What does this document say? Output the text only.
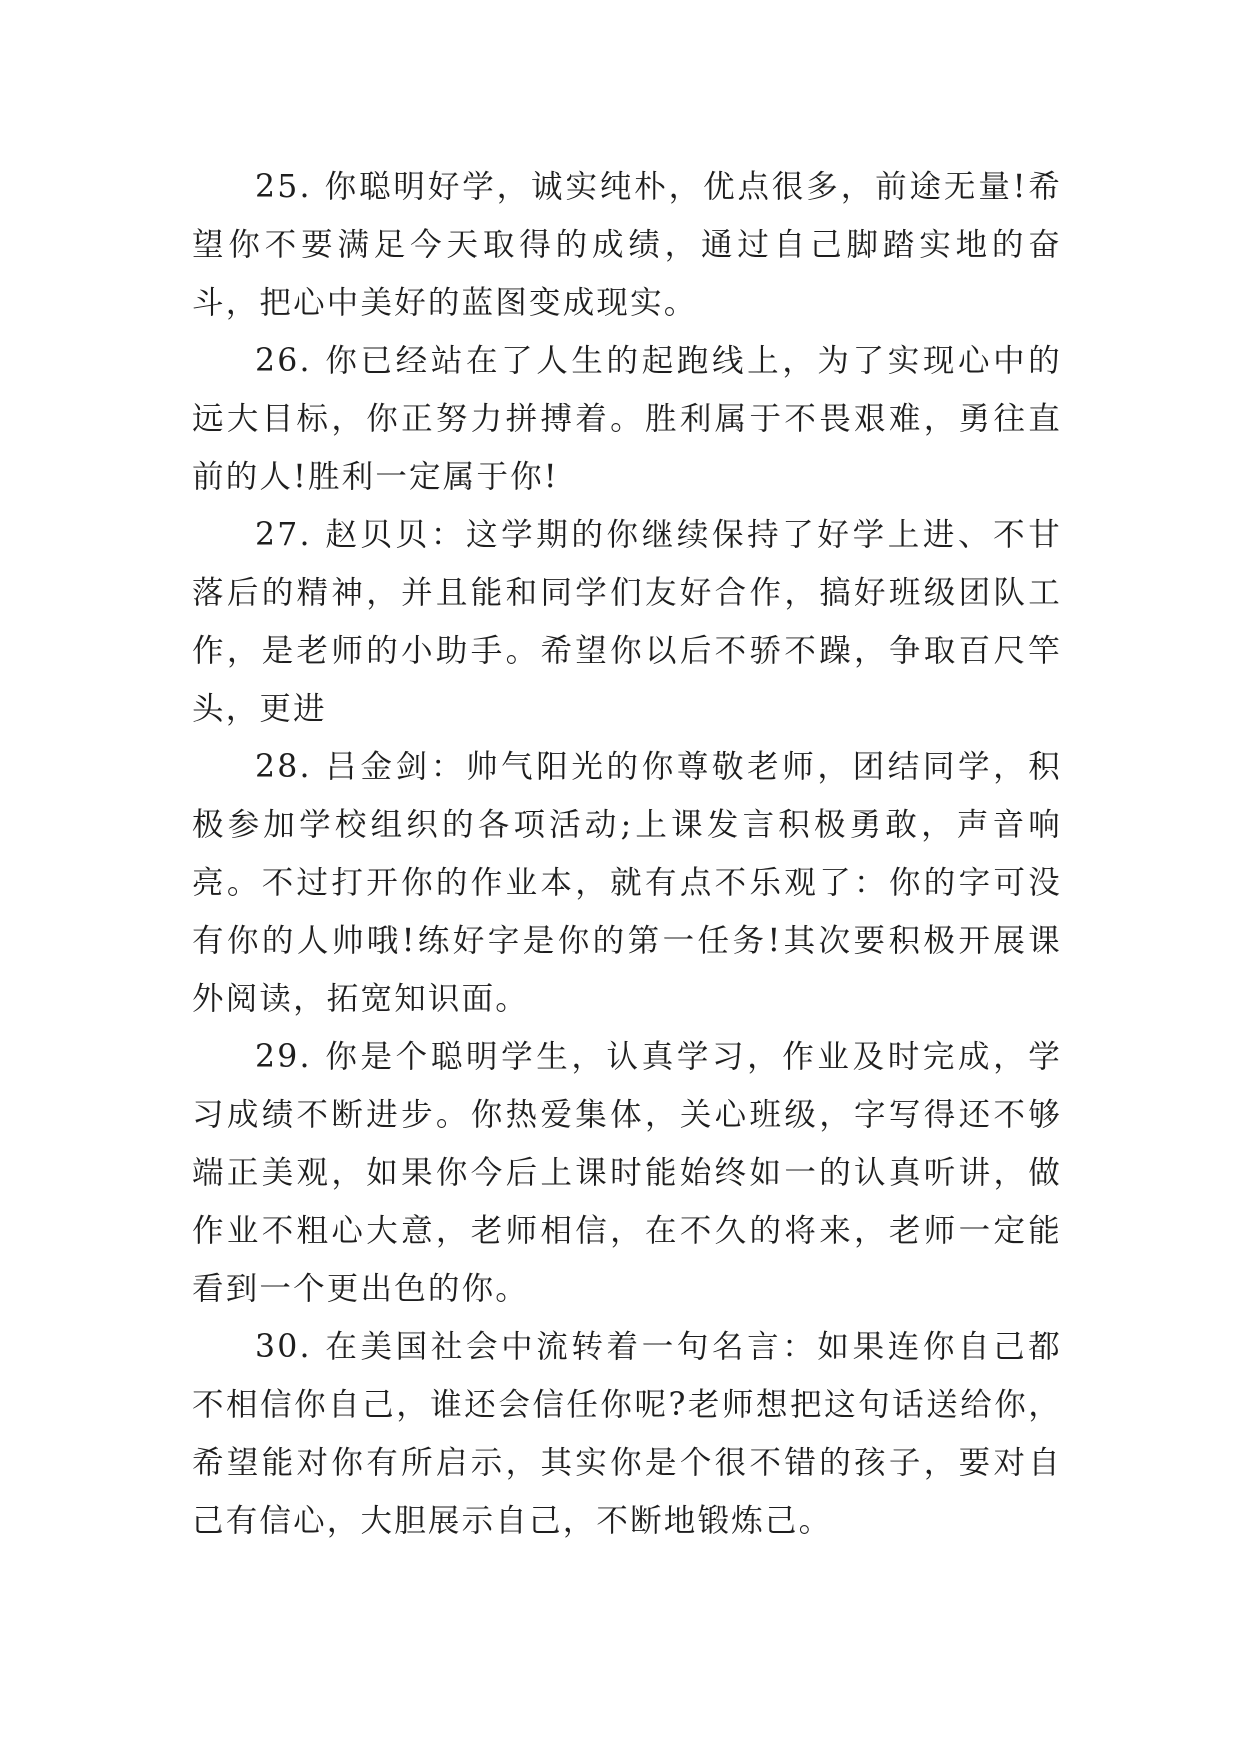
25. 你聪明好学，诚实纯朴，优点很多，前途无量!希望你不要满足今天取得的成绩，通过自己脚踏实地的奋斗，把心中美好的蓝图变成现实。

26. 你已经站在了人生的起跑线上，为了实现心中的远大目标，你正努力拼搏着。胜利属于不畏艰难，勇往直前的人!胜利一定属于你!

27. 赵贝贝：这学期的你继续保持了好学上进、不甘落后的精神，并且能和同学们友好合作，搞好班级团队工作，是老师的小助手。希望你以后不骄不躁，争取百尺竿头，更进

28. 吕金剑：帅气阳光的你尊敬老师，团结同学，积极参加学校组织的各项活动;上课发言积极勇敢，声音响亮。不过打开你的作业本，就有点不乐观了：你的字可没有你的人帅哦!练好字是你的第一任务!其次要积极开展课外阅读，拓宽知识面。

29. 你是个聪明学生，认真学习，作业及时完成，学习成绩不断进步。你热爱集体，关心班级，字写得还不够端正美观，如果你今后上课时能始终如一的认真听讲，做作业不粗心大意，老师相信，在不久的将来，老师一定能看到一个更出色的你。

30. 在美国社会中流转着一句名言：如果连你自己都不相信你自己，谁还会信任你呢?老师想把这句话送给你，希望能对你有所启示，其实你是个很不错的孩子，要对自己有信心，大胆展示自己，不断地锻炼己。
